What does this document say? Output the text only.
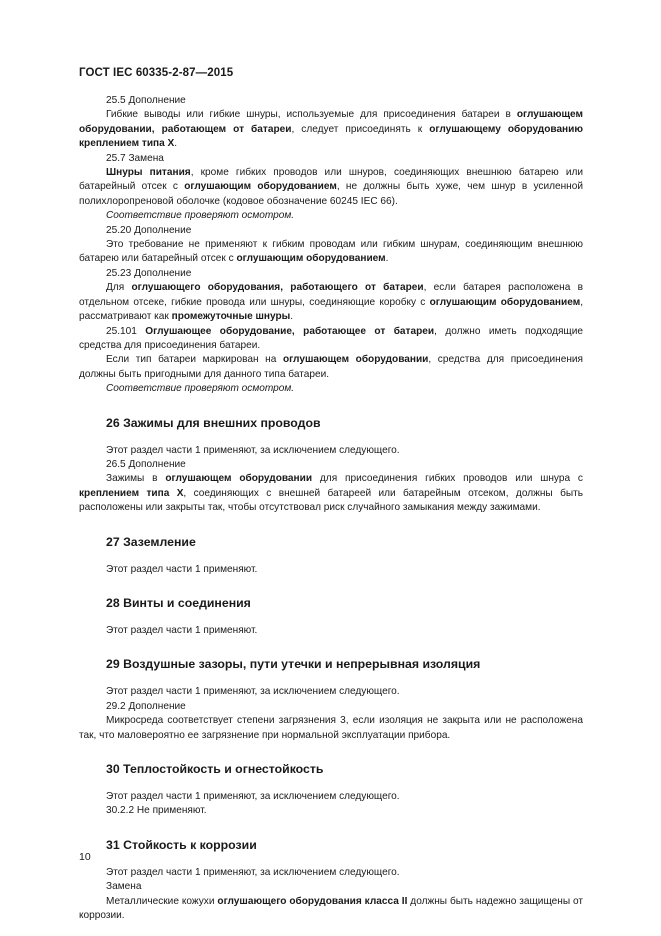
ГОСТ IEC 60335-2-87—2015

25.5 Дополнение

Гибкие выводы или гибкие шнуры, используемые для присоединения батареи в оглушающем оборудовании, работающем от батареи, следует присоединять к оглушающему оборудованию креплением типа X.

25.7 Замена

Шнуры питания, кроме гибких проводов или шнуров, соединяющих внешнюю батарею или батарейный отсек с оглушающим оборудованием, не должны быть хуже, чем шнур в усиленной полихлоропреновой оболочке (кодовое обозначение 60245 IEC 66).

Соответствие проверяют осмотром.

25.20 Дополнение

Это требование не применяют к гибким проводам или гибким шнурам, соединяющим внешнюю батарею или батарейный отсек с оглушающим оборудованием.

25.23 Дополнение

Для оглушающего оборудования, работающего от батареи, если батарея расположена в отдельном отсеке, гибкие провода или шнуры, соединяющие коробку с оглушающим оборудованием, рассматривают как промежуточные шнуры.

25.101 Оглушающее оборудование, работающее от батареи, должно иметь подходящие средства для присоединения батареи.

Если тип батареи маркирован на оглушающем оборудовании, средства для присоединения должны быть пригодными для данного типа батареи.

Соответствие проверяют осмотром.

26 Зажимы для внешних проводов

Этот раздел части 1 применяют, за исключением следующего.

26.5 Дополнение

Зажимы в оглушающем оборудовании для присоединения гибких проводов или шнура с креплением типа X, соединяющих с внешней батареей или батарейным отсеком, должны быть расположены или закрыты так, чтобы отсутствовал риск случайного замыкания между зажимами.

27 Заземление

Этот раздел части 1 применяют.

28 Винты и соединения

Этот раздел части 1 применяют.

29 Воздушные зазоры, пути утечки и непрерывная изоляция

Этот раздел части 1 применяют, за исключением следующего.

29.2 Дополнение

Микросреда соответствует степени загрязнения 3, если изоляция не закрыта или не расположена так, что маловероятно ее загрязнение при нормальной эксплуатации прибора.

30 Теплостойкость и огнестойкость

Этот раздел части 1 применяют, за исключением следующего.

30.2.2 Не применяют.

31 Стойкость к коррозии

Этот раздел части 1 применяют, за исключением следующего.

Замена

Металлические кожухи оглушающего оборудования класса II должны быть надежно защищены от коррозии.

10
